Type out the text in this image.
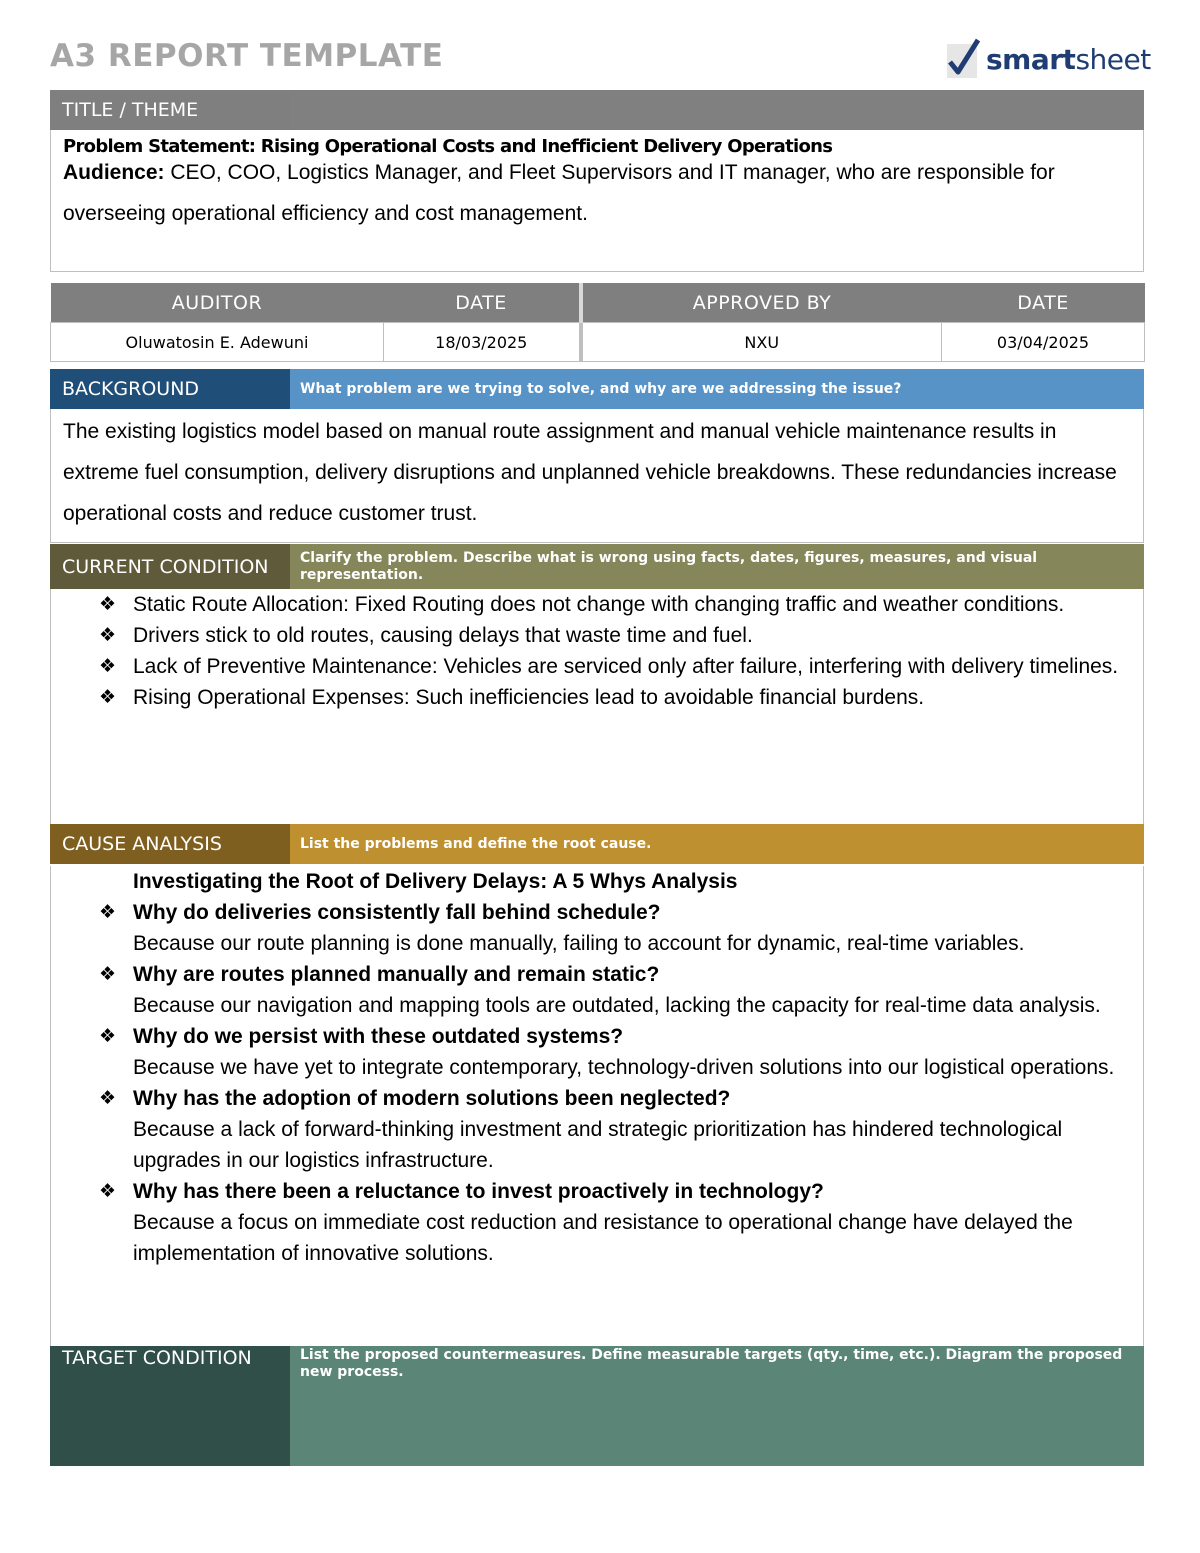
A3 REPORT TEMPLATE	smartsheet
TITLE / THEME
Problem Statement: Rising Operational Costs and Inefficient Delivery Operations
Audience: CEO, COO, Logistics Manager, and Fleet Supervisors and IT manager, who are responsible for overseeing operational efficiency and cost management.
AUDITOR	DATE	APPROVED BY	DATE
Oluwatosin E. Adewuni	18/03/2025	NXU	03/04/2025
BACKGROUND	What problem are we trying to solve, and why are we addressing the issue?
The existing logistics model based on manual route assignment and manual vehicle maintenance results in extreme fuel consumption, delivery disruptions and unplanned vehicle breakdowns. These redundancies increase operational costs and reduce customer trust.
CURRENT CONDITION	Clarify the problem. Describe what is wrong using facts, dates, figures, measures, and visual representation.
❖ Static Route Allocation: Fixed Routing does not change with changing traffic and weather conditions.
❖ Drivers stick to old routes, causing delays that waste time and fuel.
❖ Lack of Preventive Maintenance: Vehicles are serviced only after failure, interfering with delivery timelines.
❖ Rising Operational Expenses: Such inefficiencies lead to avoidable financial burdens.
CAUSE ANALYSIS	List the problems and define the root cause.
Investigating the Root of Delivery Delays: A 5 Whys Analysis
❖ Why do deliveries consistently fall behind schedule?
Because our route planning is done manually, failing to account for dynamic, real-time variables.
❖ Why are routes planned manually and remain static?
Because our navigation and mapping tools are outdated, lacking the capacity for real-time data analysis.
❖ Why do we persist with these outdated systems?
Because we have yet to integrate contemporary, technology-driven solutions into our logistical operations.
❖ Why has the adoption of modern solutions been neglected?
Because a lack of forward-thinking investment and strategic prioritization has hindered technological upgrades in our logistics infrastructure.
❖ Why has there been a reluctance to invest proactively in technology?
Because a focus on immediate cost reduction and resistance to operational change have delayed the implementation of innovative solutions.
TARGET CONDITION	List the proposed countermeasures. Define measurable targets (qty., time, etc.). Diagram the proposed new process.
